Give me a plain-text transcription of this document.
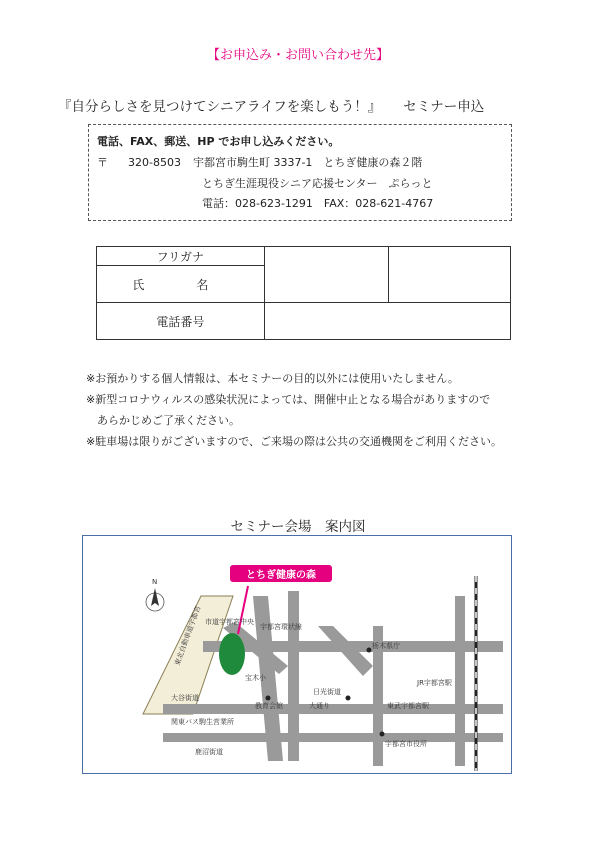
【お申込み・お問い合わせ先】
『自分らしさを見つけてシニアライフを楽しもう！』 セミナー申込
電話、FAX、郵送、HP でお申し込みください。
〒 320-8503 宇都宮市駒生町 3337-1　とちぎ健康の森２階
とちぎ生涯現役シニア応援センター　ぷらっと
電話：028-623-1291　FAX：028-621-4767
フリガナ		
氏　名		
電話番号		
※お預かりする個人情報は、本セミナーの目的以外には使用いたしません。
※新型コロナウィルスの感染状況によっては、開催中止となる場合がありますので
　あらかじめご了承ください。
※駐車場は限りがございますので、ご来場の際は公共の交通機関をご利用ください。
セミナー会場　案内図
N
東北自動車道宇都宮
とちぎ健康の森
栃木県庁
宇都宮市役所
JR宇都宮駅
東武宇都宮駅
日光街道
大谷街道
関東バス駒生営業所
教育会館	大通り
鹿沼街道
宇都宮環状線
市道宇都宮中央
宝木小
